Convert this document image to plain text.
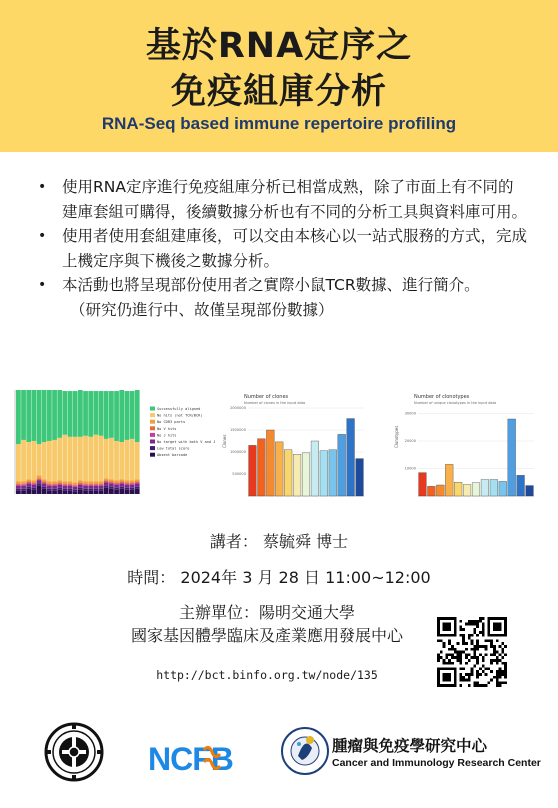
基於RNA定序之
免疫組庫分析
RNA-Seq based immune repertoire profiling
•	使用RNA定序進行免疫組庫分析已相當成熟，除了市面上有不同的建庫套組可購得，後續數據分析也有不同的分析工具與資料庫可用。
•	使用者使用套組建庫後，可以交由本核心以一站式服務的方式，完成上機定序與下機後之數據分析。
•	本活動也將呈現部份使用者之實際小鼠TCR數據、進行簡介。
（研究仍進行中、故僅呈現部份數據）
Successfully aligned
No hits (not TCR/BCR)
No CDR3 parts
No V hits
No J hits
No target with both V and J
Low total score
Absent barcode
Number of clones
Number of clones in the input data
Clones
2000000
1500000
1000000
500000
Number of clonotypes
Number of unique clonotypes in the input data
Clonotypes
30000
20000
10000
講者： 蔡毓舜 博士
時間： 2024年 3 月 28 日 11:00~12:00
主辦單位：陽明交通大學
國家基因體學臨床及產業應用發展中心
http://bct.binfo.org.tw/node/135
NCFB	腫瘤與免疫學研究中心
Cancer and Immunology Research Center
